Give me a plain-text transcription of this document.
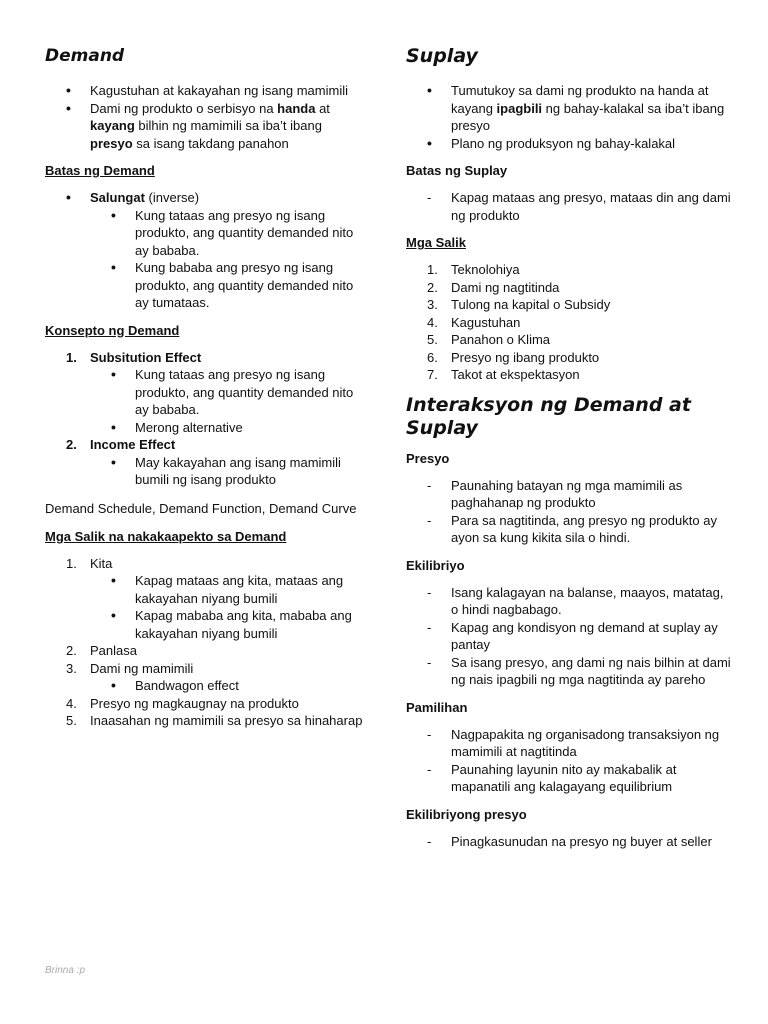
Demand
• Kagustuhan at kakayahan ng isang mamimili
• Dami ng produkto o serbisyo na handa at kayang bilhin ng mamimili sa iba’t ibang presyo sa isang takdang panahon
Batas ng Demand
• Salungat (inverse)
• Kung tataas ang presyo ng isang produkto, ang quantity demanded nito ay bababa.
• Kung bababa ang presyo ng isang produkto, ang quantity demanded nito ay tumataas.
Konsepto ng Demand
1. Subsitution Effect
• Kung tataas ang presyo ng isang produkto, ang quantity demanded nito ay bababa.
• Merong alternative
2. Income Effect
• May kakayahan ang isang mamimili bumili ng isang produkto

Demand Schedule, Demand Function, Demand Curve

Mga Salik na nakakaapekto sa Demand
1. Kita
• Kapag mataas ang kita, mataas ang kakayahan niyang bumili
• Kapag mababa ang kita, mababa ang kakayahan niyang bumili
2. Panlasa
3. Dami ng mamimili
• Bandwagon effect
4. Presyo ng magkaugnay na produkto
5. Inaasahan ng mamimili sa presyo sa hinaharap
Suplay
• Tumutukoy sa dami ng produkto na handa at kayang ipagbili ng bahay-kalakal sa iba’t ibang presyo
• Plano ng produksyon ng bahay-kalakal
Batas ng Suplay
- Kapag mataas ang presyo, mataas din ang dami ng produkto
Mga Salik
1. Teknolohiya
2. Dami ng nagtitinda
3. Tulong na kapital o Subsidy
4. Kagustuhan
5. Panahon o Klima
6. Presyo ng ibang produkto
7. Takot at ekspektasyon
Interaksyon ng Demand at Suplay
Presyo
- Paunahing batayan ng mga mamimili as paghahanap ng produkto
- Para sa nagtitinda, ang presyo ng produkto ay ayon sa kung kikita sila o hindi.
Ekilibriyo
- Isang kalagayan na balanse, maayos, matatag, o hindi nagbabago.
- Kapag ang kondisyon ng demand at suplay ay pantay
- Sa isang presyo, ang dami ng nais bilhin at dami ng nais ipagbili ng mga nagtitinda ay pareho
Pamilihan
- Nagpapakita ng organisadong transaksiyon ng mamimili at nagtitinda
- Paunahing layunin nito ay makabalik at mapanatili ang kalagayang equilibrium
Ekilibriyong presyo
- Pinagkasunudan na presyo ng buyer at seller
Brinna :p
